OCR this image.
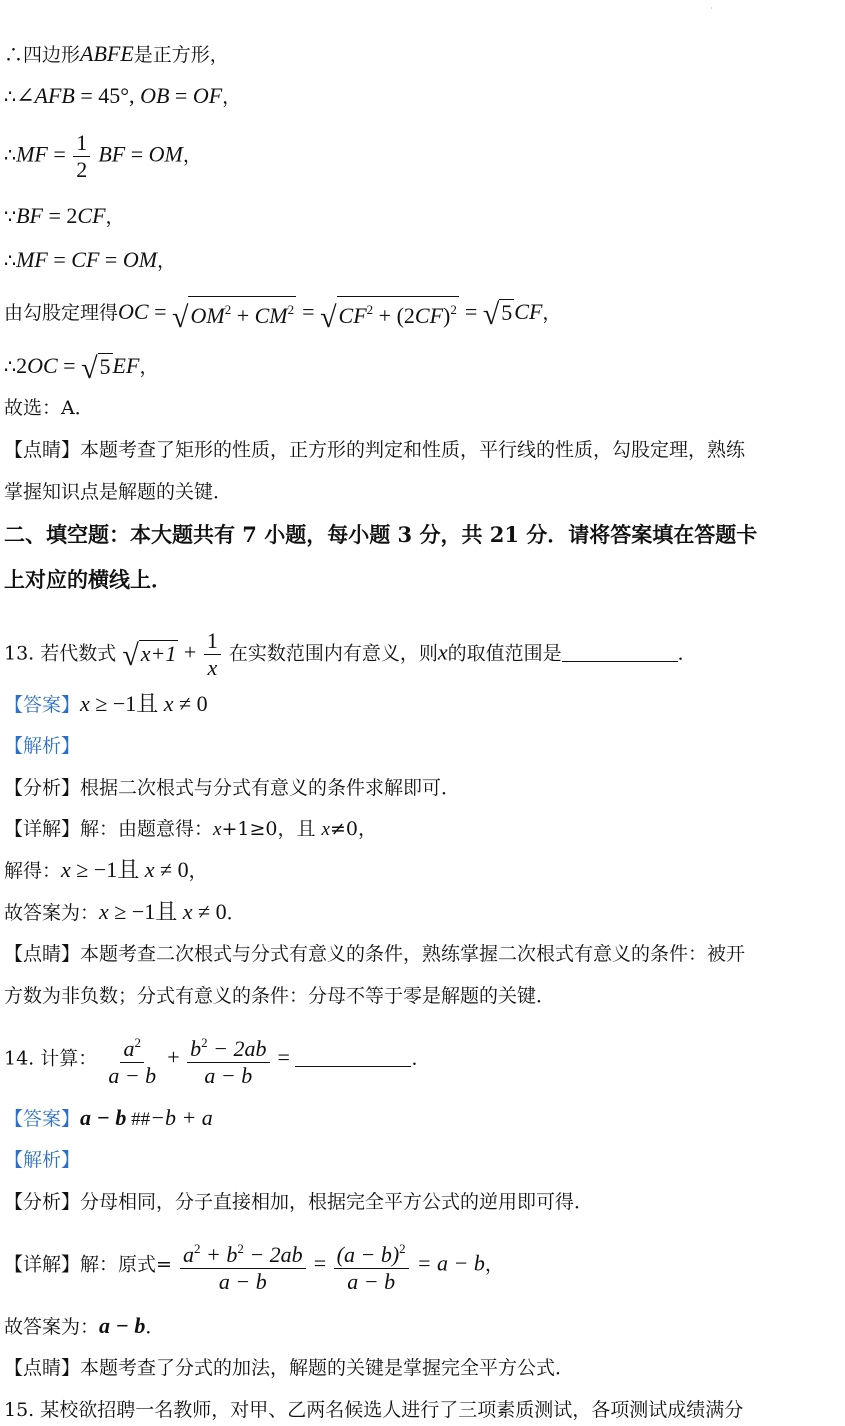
·
∴四边形ABFE是正方形，
∴∠AFB = 45°, OB = OF，
∴MF = $\frac{1}{2}$ BF = OM，
∵BF = 2CF，
∴MF = CF = OM，
由勾股定理得OC = $√OM^2 + CM^2 = √CF^2 + (2CF)^2 = √5CF$，
∴2OC = √5EF，
故选：A．
【点睛】本题考查了矩形的性质，正方形的判定和性质，平行线的性质，勾股定理，熟练
掌握知识点是解题的关键．
二、填空题：本大题共有 7 小题，每小题 3 分，共 21 分．请将答案填在答题卡
上对应的横线上．
13. 若代数式 $√x+1 + \frac{1}{x}$ 在实数范围内有意义，则x的取值范围是	．
【答案】x ≥ −1且 x ≠ 0
【解析】
【分析】根据二次根式与分式有意义的条件求解即可．
【详解】解：由题意得：x+1≥0，且 x≠0，
解得：x ≥ −1且 x ≠ 0，
故答案为：x ≥ −1且 x ≠ 0．
【点睛】本题考查二次根式与分式有意义的条件，熟练掌握二次根式有意义的条件：被开
方数为非负数；分式有意义的条件：分母不等于零是解题的关键．
14. 计算： $\frac{a^2}{a - b} + \frac{b^2 - 2ab}{a - b}$ =	．
【答案】a − b ##−b + a
【解析】
【分析】分母相同，分子直接相加，根据完全平方公式的逆用即可得．
【详解】解：原式= $\frac{a^2 + b^2 - 2ab}{a - b} = \frac{(a - b)^2}{a - b} = a - b$，
故答案为：a − b．
【点睛】本题考查了分式的加法，解题的关键是掌握完全平方公式．
15. 某校欲招聘一名教师，对甲、乙两名候选人进行了三项素质测试，各项测试成绩满分
